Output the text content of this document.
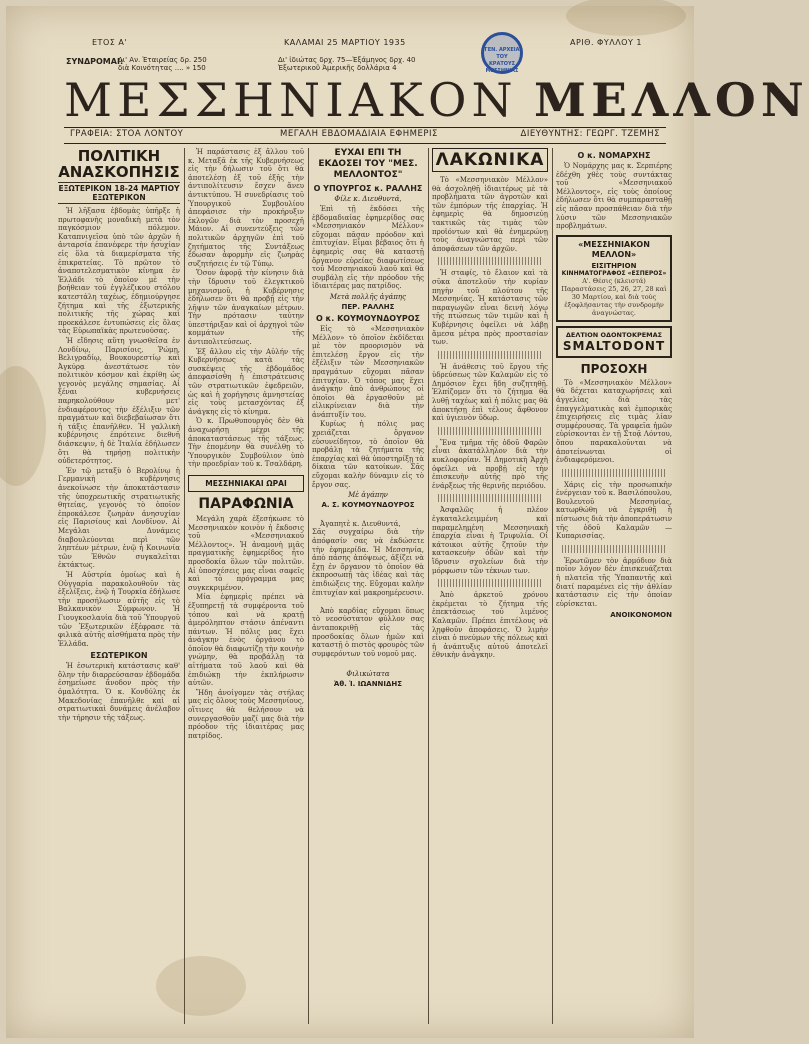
ΕΤΟΣ Α'	ΚΑΛΑΜΑΙ 25 ΜΑΡΤΙΟΥ 1935	ΑΡΙΘ. ΦΥΛΛΟΥ 1
ΣΥΝΔΡΟΜΑΙ:
Δι' Αν. Ἑταιρείας δρ. 250
διὰ Κοινότητας .... » 150
Δι' ἰδιώτας δρχ. 75—Ἐξάμηνος δρχ. 40
Ἐξωτερικοῦ Ἀμερικῆς δολλάρια 4
ΓΕΝ. ΑΡΧΕΙΑ ΤΟΥ ΚΡΑΤΟΥΣ ΜΕΣΣΗΝΙΑΣ
ΜΕΣΣΗΝΙΑΚΟΝ ΜΕΛΛΟΝ
ΓΡΑΦΕΙΑ: ΣΤΟΑ ΛΟΝΤΟΥ	ΜΕΓΑΛΗ ΕΒΔΟΜΑΔΙΑΙΑ ΕΦΗΜΕΡΙΣ	ΔΙΕΥΘΥΝΤΗΣ: ΓΕΩΡΓ. ΤΖΕΜΗΣ
ΠΟΛΙΤΙΚΗ ΑΝΑΣΚΟΠΗΣΙΣ
ΕΞΩΤΕΡΙΚΟΝ 18-24 ΜΑΡΤΙΟΥ ΕΞΩΤΕΡΙΚΟΝ

Ἡ λῆξασα ἑβδομὰς ὑπῆρξε ἡ πρωτοφανὴς μοναδικὴ μετὰ τὸν παγκόσμιον πόλεμον. Καταπνιγεῖσα ὑπὸ τῶν ἀρχῶν ἡ ἀνταρσία ἐπανέφερε τὴν ἡσυχίαν εἰς ὅλα τὰ διαμερίσματα τῆς ἐπικρατείας. Τὸ πρῶτον τὸ ἀναποτελεσματικὸν κίνημα ἐν Ἑλλάδι τὸ ὁποῖον μὲ τὴν βοήθειαν τοῦ ἐγγλέζικου στόλου κατεστάλη ταχέως, ἐδημιούργησε ζήτημα καὶ τῆς ἐξωτερικῆς πολιτικῆς τῆς χώρας καὶ προεκάλεσε ἐντυπώσεις εἰς ὅλας τὰς Εὐρωπαϊκὰς πρωτευούσας.

Ἡ εἴδησις αὕτη γνωσθεῖσα ἐν Λονδίνῳ, Παρισίοις, Ῥώμῃ, Βελιγραδίῳ, Βουκουρεστίῳ καὶ Ἀγκύρᾳ ἀνεστάτωσε τὸν πολιτικὸν κόσμον καὶ ἐκρίθη ὡς γεγονὸς μεγάλης σημασίας. Αἱ ξέναι κυβερνήσεις παρηκολούθουν μετ' ἐνδιαφέροντος τὴν ἐξέλιξιν τῶν πραγμάτων καὶ διεβεβαίωσαν ὅτι ἡ τάξις ἐπανῆλθεν. Ἡ γαλλικὴ κυβέρνησις ἐπρότεινε διεθνῆ διάσκεψιν, ἡ δὲ Ἰταλία ἐδήλωσεν ὅτι θὰ τηρήσῃ πολιτικὴν οὐδετερότητος.

Ἐν τῷ μεταξὺ ὁ Βερολίνῳ ἡ Γερμανικὴ κυβέρνησις ἀνεκοίνωσε τὴν ἀποκατάστασιν τῆς ὑποχρεωτικῆς στρατιωτικῆς θητείας, γεγονὸς τὸ ὁποῖον ἐπροκάλεσε ζωηρὰν ἀνησυχίαν εἰς Παρισίους καὶ Λονδῖνον. Αἱ Μεγάλαι Δυνάμεις διαβουλεύονται περὶ τῶν ληπτέων μέτρων, ἐνῷ ἡ Κοινωνία τῶν Ἐθνῶν συγκαλεῖται ἐκτάκτως.

Ἡ Αὐστρία ὁμοίως καὶ ἡ Οὑγγαρία παρακολουθοῦν τὰς ἐξελίξεις, ἐνῷ ἡ Τουρκία ἐδήλωσε τὴν προσήλωσιν αὐτῆς εἰς τὸ Βαλκανικὸν Σύμφωνον. Ἡ Γιουγκοσλαυία διὰ τοῦ Ὑπουργοῦ τῶν Ἐξωτερικῶν ἐξέφρασε τὰ φιλικὰ αὐτῆς αἰσθήματα πρὸς τὴν Ἑλλάδα.

ΕΣΩΤΕΡΙΚΟΝ

Ἡ ἐσωτερικὴ κατάστασις καθ' ὅλην τὴν διαρρεύσασαν ἑβδομάδα ἐσημείωσε ἄνοδον πρὸς τὴν ὁμαλότητα. Ὁ κ. Κονδύλης ἐκ Μακεδονίας ἐπανῆλθε καὶ αἱ στρατιωτικαὶ δυνάμεις ἀνέλαβον τὴν τήρησιν τῆς τάξεως.

Ἡ παράστασις ἐξ ἄλλου τοῦ κ. Μεταξᾶ ἐκ τῆς Κυβερνήσεως εἰς τὴν δήλωσιν τοῦ ὅτι θὰ ἀποτελέσῃ ἐξ τοῦ ἑξῆς τὴν ἀντιπολίτευσιν ἔσχεν ἄνευ ἀντικτύπου. Ἡ συνεδρίασις τοῦ Ὑπουργικοῦ Συμβουλίου ἀπεφάσισε τὴν προκήρυξιν ἐκλογῶν διὰ τὸν προσεχῆ Μάιον. Αἱ συνεντεύξεις τῶν πολιτικῶν ἀρχηγῶν ἐπὶ τοῦ ζητήματος τῆς Συντάξεως ἔδωσαν ἀφορμὴν εἰς ζωηρὰς συζητήσεις ἐν τῷ Τύπῳ.

Ὅσον ἀφορᾷ τὴν κίνησιν διὰ τὴν ἴδρυσιν τοῦ ἐλεγκτικοῦ μηχανισμοῦ, ἡ Κυβέρνησις ἐδήλωσεν ὅτι θὰ προβῇ εἰς τὴν λῆψιν τῶν ἀναγκαίων μέτρων. Τὴν πρότασιν ταύτην ὑπεστήριξαν καὶ οἱ ἀρχηγοὶ τῶν κομμάτων τῆς ἀντιπολιτεύσεως.

Ἐξ ἄλλου εἰς τὴν Αὐλήν τῆς Κυβερνήσεως κατὰ τὰς συσκέψεις τῆς ἑβδομάδος ἀπεφασίσθη ἡ ἐπιστράτευσις τῶν στρατιωτικῶν ἐφεδρειῶν, ὡς καὶ ἡ χορήγησις ἀμνηστείας εἰς τοὺς μετασχόντας ἐξ ἀνάγκης εἰς τὸ κίνημα.

Ὁ κ. Πρωθυπουργὸς δὲν θὰ ἀναχωρήσῃ μέχρι τῆς ἀποκαταστάσεως τῆς τάξεως. Τὴν ἑπομένην θὰ συνέλθῃ τὸ Ὑπουργικὸν Συμβούλιον ὑπὸ τὴν προεδρίαν τοῦ κ. Τσαλδάρη.

ΜΕΣΣΗΝΙΑΚΑΙ ΩΡΑΙ
ΠΑΡΑΦΩΝΙΑ

Μεγάλη χαρὰ ἐξεσήκωσε τὸ Μεσσηνιακὸν κοινὸν ἡ ἔκδοσις τοῦ «Μεσσηνιακοῦ Μέλλοντος». Ἡ ἀναμονὴ μιᾶς πραγματικῆς ἐφημερίδος ἦτο προσδοκία ὅλων τῶν πολιτῶν. Αἱ ὑποσχέσεις μας εἶναι σαφεῖς καὶ τὸ πρόγραμμα μας συγκεκριμένον.

Μία ἐφημερὶς πρέπει νὰ ἐξυπηρετῇ τὰ συμφέροντα τοῦ τόπου καὶ νὰ κρατῇ ἀμερόληπτον στάσιν ἀπέναντι πάντων. Ἡ πόλις μας ἔχει ἀνάγκην ἑνὸς ὀργάνου τὸ ὁποῖον θὰ διαφωτίζῃ τὴν κοινὴν γνώμην, θὰ προβάλλῃ τὰ αἰτήματα τοῦ λαοῦ καὶ θὰ ἐπιδιώκῃ τὴν ἐκπλήρωσιν αὐτῶν.

Ἤδη ἀνοίγομεν τὰς στήλας μας εἰς ὅλους τοὺς Μεσσηνίους, οἵτινες θὰ θελήσουν νὰ συνεργασθοῦν μαζί μας διὰ τὴν πρόοδον τῆς ἰδιαιτέρας μας πατρίδος.

ΕΥΧΑΙ ΕΠΙ ΤΗ ΕΚΔΟΣΕΙ ΤΟΥ "ΜΕΣ. ΜΕΛΛΟΝΤΟΣ"
Ο ΥΠΟΥΡΓΟΣ κ. ΡΑΛΛΗΣ
Φίλε κ. Διευθυντά,

Ἐπὶ τῇ ἐκδόσει τῆς ἑβδομαδιαίας ἐφημερίδος σας «Μεσσηνιακὸν Μέλλον» εὔχομαι πᾶσαν πρόοδον καὶ ἐπιτυχίαν. Εἶμαι βέβαιος ὅτι ἡ ἐφημερὶς σας θὰ καταστῇ ὄργανον εὐρείας διαφωτίσεως τοῦ Μεσσηνιακοῦ λαοῦ καὶ θὰ συμβάλῃ εἰς τὴν πρόοδον τῆς ἰδιαιτέρας μας πατρίδος.

Μετὰ πολλῆς ἀγάπης
ΠΕΡ. ΡΑΛΛΗΣ
Ο κ. ΚΟΥΜΟΥΝΔΟΥΡΟΣ

Εἰς τὸ «Μεσσηνιακὸν Μέλλον» τὸ ὁποῖον ἐκδίδεται μὲ τὸν προορισμὸν νὰ ἐπιτελέσῃ ἔργον εἰς τὴν ἐξέλιξιν τῶν Μεσσηνιακῶν πραγμάτων εὔχομαι πᾶσαν ἐπιτυχίαν. Ὁ τόπος μας ἔχει ἀνάγκην ἀπὸ ἀνθρώπους οἱ ὁποῖοι θὰ ἐργασθοῦν μὲ εἰλικρίνειαν διὰ τὴν ἀνάπτυξίν του.

Κυρίως ἡ πόλις μας χρειάζεται ὄργανον εὐσυνείδητον, τὸ ὁποῖον θὰ προβάλῃ τὰ ζητήματα τῆς ἐπαρχίας καὶ θὰ ὑποστηρίξῃ τὰ δίκαια τῶν κατοίκων. Σᾶς εὔχομαι καλὴν δύναμιν εἰς τὸ ἔργον σας.

Μὲ ἀγάπην
Α. Σ. ΚΟΥΜΟΥΝΔΟΥΡΟΣ

Ἀγαπητὲ κ. Διευθυντά,
Σᾶς συγχαίρω διὰ τὴν ἀπόφασίν σας νὰ ἐκδώσετε τὴν ἐφημερίδα. Ἡ Μεσσηνία, ἀπὸ πάσης ἀπόψεως, ἀξίζει νὰ ἔχῃ ἐν ὄργανον τὸ ὁποῖον θὰ ἐκπροσωπῇ τὰς ἰδέας καὶ τὰς ἐπιδιώξεις της. Εὔχομαι καλὴν ἐπιτυχίαν καὶ μακροημέρευσιν.

Ἀπὸ καρδίας εὔχομαι ὅπως τὸ νεοσύστατον φύλλον σας ἀνταποκριθῇ εἰς τὰς προσδοκίας ὅλων ἡμῶν καὶ καταστῇ ὁ πιστὸς φρουρὸς τῶν συμφερόντων τοῦ νομοῦ μας.

Φιλικώτατα
Ἀθ. Ἰ. ΙΩΑΝΝΙΔΗΣ
ΛΑΚΩΝΙΚΑ

Τὸ «Μεσσηνιακὸν Μέλλον» θὰ ἀσχοληθῇ ἰδιαιτέρως μὲ τὰ προβλήματα τῶν ἀγροτῶν καὶ τῶν ἐμπόρων τῆς ἐπαρχίας. Ἡ ἐφημερὶς θὰ δημοσιεύῃ τακτικῶς τὰς τιμὰς τῶν προϊόντων καὶ θὰ ἐνημερώνῃ τοὺς ἀναγνώστας περὶ τῶν ἀποφάσεων τῶν ἀρχῶν.

Ἡ σταφίς, τὸ ἔλαιον καὶ τὰ σῦκα ἀποτελοῦν τὴν κυρίαν πηγὴν τοῦ πλούτου τῆς Μεσσηνίας. Ἡ κατάστασις τῶν παραγωγῶν εἶναι δεινὴ λόγῳ τῆς πτώσεως τῶν τιμῶν καὶ ἡ Κυβέρνησις ὀφείλει νὰ λάβῃ ἄμεσα μέτρα πρὸς προστασίαν των.

Ἡ ἀνάθεσις τοῦ ἔργου τῆς ὑδρεύσεως τῶν Καλαμῶν εἰς τὸ Δημόσιον ἔχει ἤδη συζητηθῇ. Ἐλπίζομεν ὅτι τὸ ζήτημα θὰ λυθῇ ταχέως καὶ ἡ πόλις μας θὰ ἀποκτήσῃ ἐπὶ τέλους ἄφθονον καὶ ὑγιεινὸν ὕδωρ.

Ἕνα τμῆμα τῆς ὁδοῦ Φαρῶν εἶναι ἀκατάλληλον διὰ τὴν κυκλοφορίαν. Ἡ Δημοτικὴ Ἀρχὴ ὀφείλει νὰ προβῇ εἰς τὴν ἐπισκευὴν αὐτῆς πρὸ τῆς ἐνάρξεως τῆς θερινῆς περιόδου.

Ἀσφαλῶς ἡ πλέον ἐγκαταλελειμμένη καὶ παραμελημένη Μεσσηνιακὴ ἐπαρχία εἶναι ἡ Τριφυλία. Οἱ κάτοικοι αὐτῆς ζητοῦν τὴν κατασκευὴν ὁδῶν καὶ τὴν ἵδρυσιν σχολείων διὰ τὴν μόρφωσιν τῶν τέκνων των.

Ἀπὸ ἀρκετοῦ χρόνου ἐκρέμεται τὸ ζήτημα τῆς ἐπεκτάσεως τοῦ λιμένος Καλαμῶν. Πρέπει ἐπιτέλους νὰ ληφθοῦν ἀποφάσεις. Ὁ λιμὴν εἶναι ὁ πνεύμων τῆς πόλεως καὶ ἡ ἀνάπτυξις αὐτοῦ ἀποτελεῖ ἐθνικὴν ἀνάγκην.

Ο κ. ΝΟΜΑΡΧΗΣ

Ὁ Νομάρχης μας κ. Σερπιέρης ἐδέχθη χθὲς τοὺς συντάκτας τοῦ «Μεσσηνιακοῦ Μέλλοντος», εἰς τοὺς ὁποίους ἐδήλωσεν ὅτι θὰ συμπαρασταθῇ εἰς πᾶσαν προσπάθειαν διὰ τὴν λύσιν τῶν Μεσσηνιακῶν προβλημάτων.

«ΜΕΣΣΗΝΙΑΚΟΝ ΜΕΛΛΟΝ»
ΕΙΣΙΤΗΡΙΟΝ
ΚΙΝΗΜΑΤΟΓΡΑΦΟΣ «ΕΣΠΕΡΟΣ»
Α'. Θέσις (κλειστά) Παραστάσεις 25, 26, 27, 28 καὶ 30 Μαρτίου, καὶ διὰ τοὺς ἐξοφλήσαντας τὴν συνδρομὴν ἀναγνώστας.
ΔΕΛΤΙΟΝ ΟΔΟΝΤΟΚΡΕΜΑΣ
SMALTODONT
ΠΡΟΣΟΧΗ

Τὸ «Μεσσηνιακὸν Μέλλον» θὰ δέχεται καταχωρήσεις καὶ ἀγγελίας διὰ τὰς ἐπαγγελματικὰς καὶ ἐμπορικὰς ἐπιχειρήσεις εἰς τιμὰς λίαν συμφέρουσας. Τὰ γραφεῖα ἡμῶν εὑρίσκονται ἐν τῇ Στοᾷ Λόντου, ὅπου παρακαλοῦνται νὰ ἀποτείνωνται οἱ ἐνδιαφερόμενοι.

Χάρις εἰς τὴν προσωπικὴν ἐνέργειαν τοῦ κ. Βασιλόπουλου, Βουλευτοῦ Μεσσηνίας, κατωρθώθη νὰ ἐγκριθῇ ἡ πίστωσις διὰ τὴν ἀποπεράτωσιν τῆς ὁδοῦ Καλαμῶν — Κυπαρισσίας.

Ἐρωτῶμεν τὸν ἁρμόδιον διὰ ποῖον λόγον δὲν ἐπισκευάζεται ἡ πλατεῖα τῆς Ὑπαπαντῆς καὶ διατί παραμένει εἰς τὴν ἀθλίαν κατάστασιν εἰς τὴν ὁποίαν εὑρίσκεται.

ΑΝΟΙΚΟΝΟΜΟΝ
